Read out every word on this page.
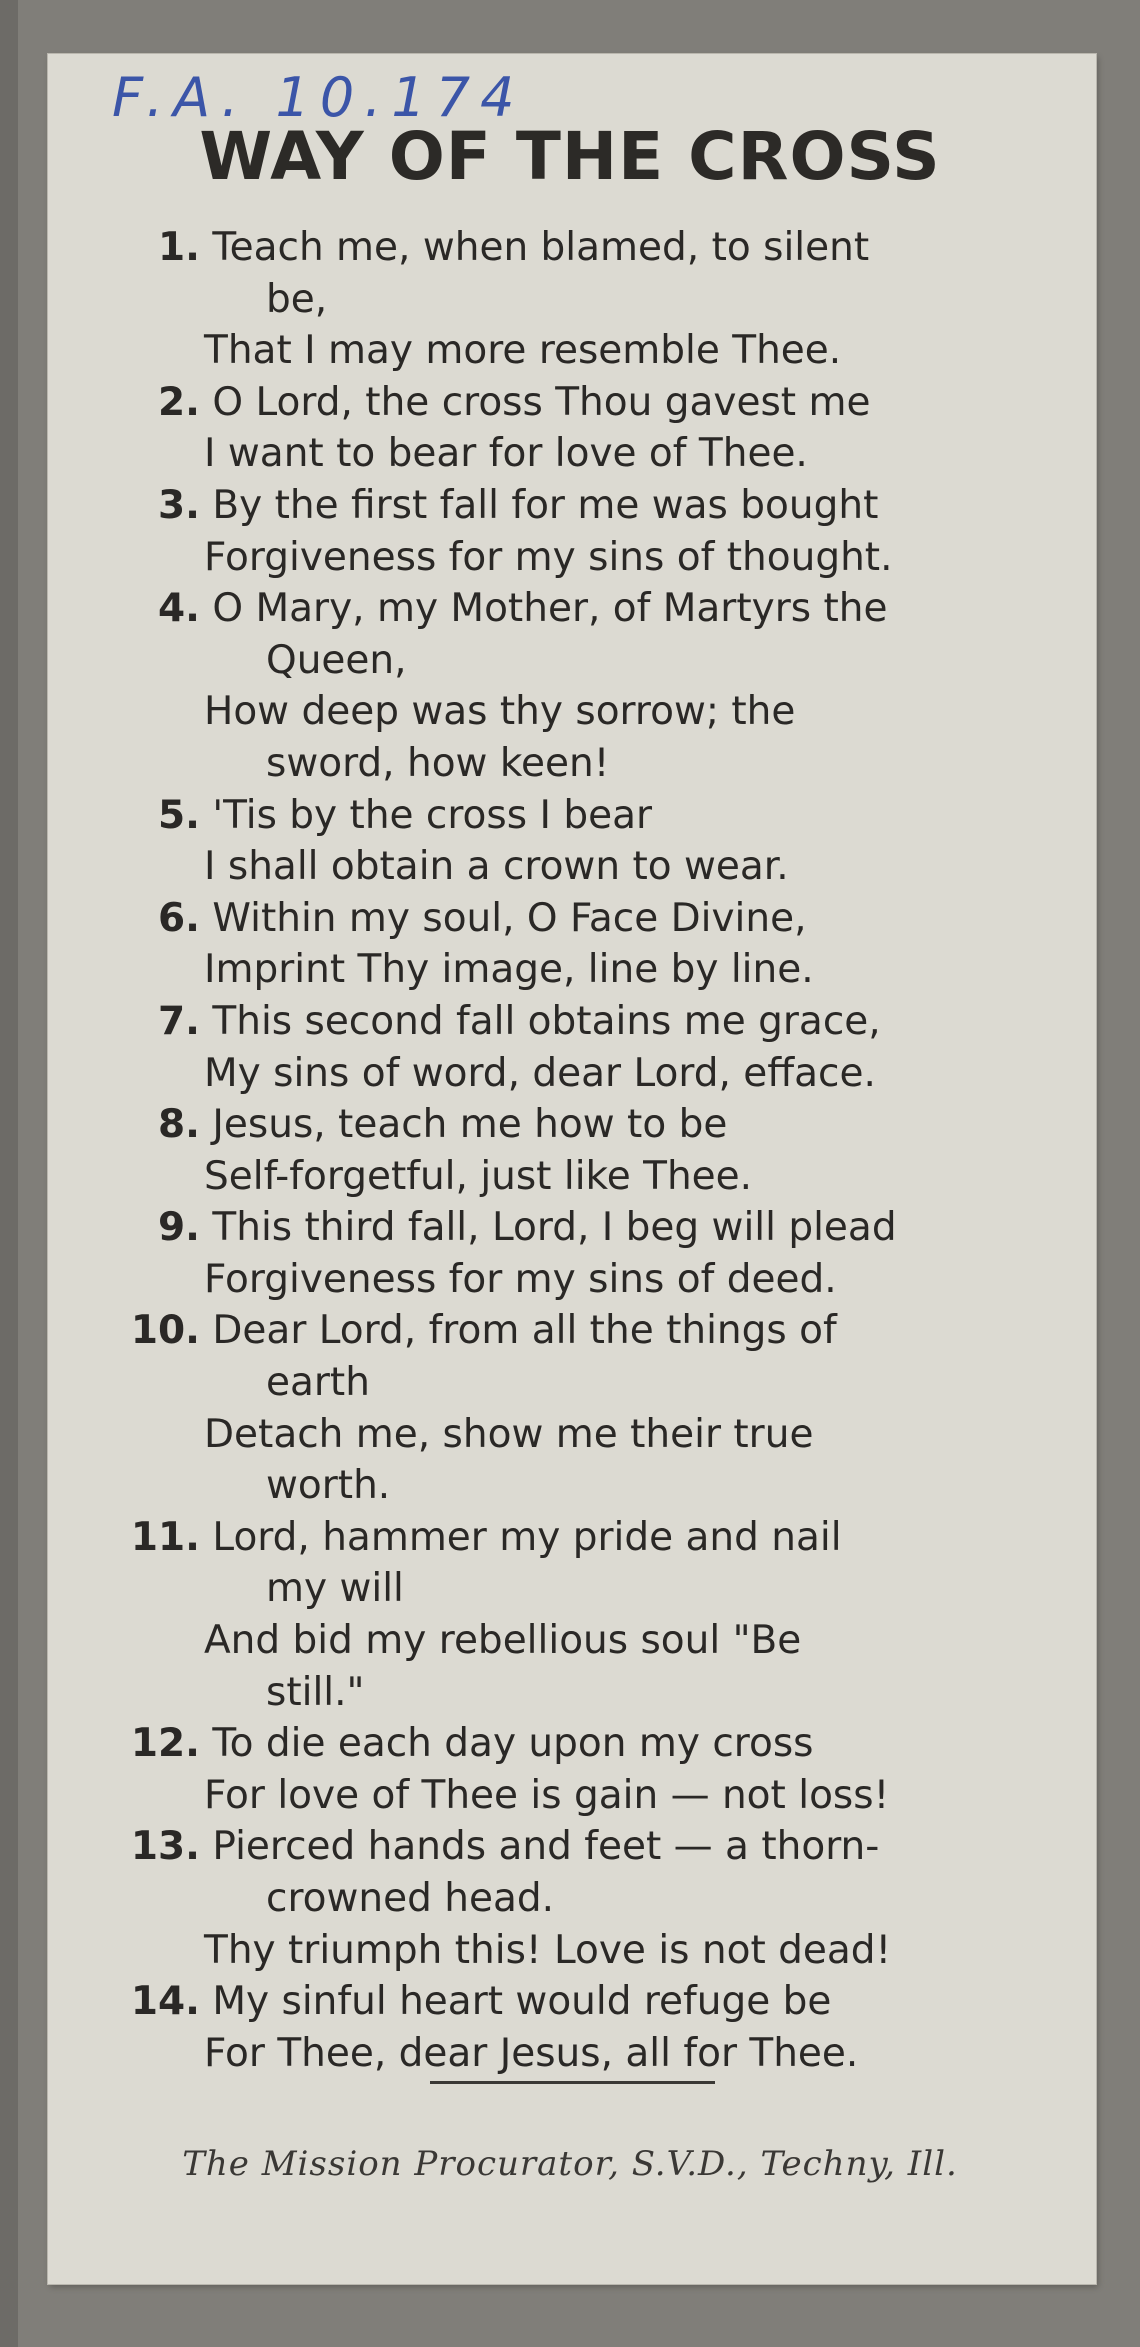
F.A. 10.174

WAY OF THE CROSS
1. Teach me, when blamed, to silent
be,
That I may more resemble Thee.
2. O Lord, the cross Thou gavest me
I want to bear for love of Thee.
3. By the first fall for me was bought
Forgiveness for my sins of thought.
4. O Mary, my Mother, of Martyrs the
Queen,
How deep was thy sorrow; the
sword, how keen!
5. 'Tis by the cross I bear
I shall obtain a crown to wear.
6. Within my soul, O Face Divine,
Imprint Thy image, line by line.
7. This second fall obtains me grace,
My sins of word, dear Lord, efface.
8. Jesus, teach me how to be
Self-forgetful, just like Thee.
9. This third fall, Lord, I beg will plead
Forgiveness for my sins of deed.
10. Dear Lord, from all the things of
earth
Detach me, show me their true
worth.
11. Lord, hammer my pride and nail
my will
And bid my rebellious soul "Be
still."
12. To die each day upon my cross
For love of Thee is gain — not loss!
13. Pierced hands and feet — a thorn-
crowned head.
Thy triumph this! Love is not dead!
14. My sinful heart would refuge be
For Thee, dear Jesus, all for Thee.

The Mission Procurator, S.V.D., Techny, Ill.
